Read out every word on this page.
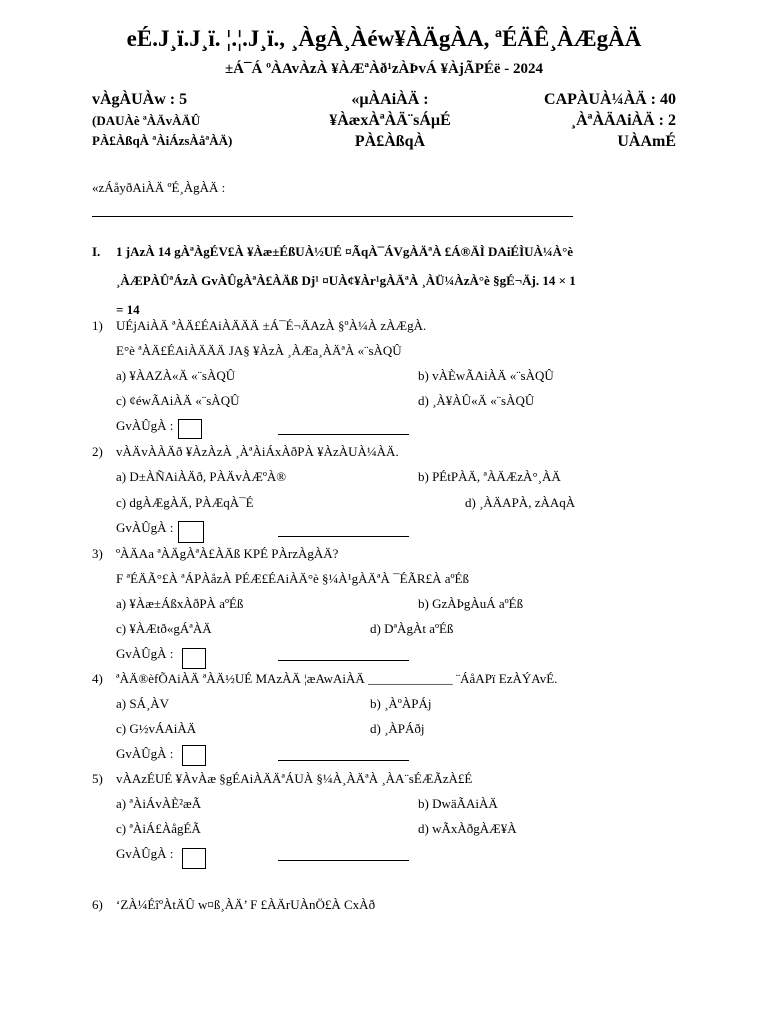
eÉ.J¸ï.J¸ï. ¦.¦.J¸ï., ¸ÀgÀ¸Àéw¥ÀÄgÀA, ªÉÄÊ¸ÀÆgÀÄ
±Á¯Á ºÀAvÀzÀ ¥ÀÆªÀð¹zÀÞvÁ ¥ÀjÃPÉë - 2024
vÀgÀUÀw : 5
(DAUÀè ªÀÄvÀÄÛ
PÀ£ÀßqÀ ªÀiÁzsÀåªÀÄ)
«µÀAiÀÄ :
¥ÀæxÀªÀÄ¨sÁµÉ
PÀ£ÀßqÀ
CAPÀUÀ¼ÀÄ : 40
¸ÀªÀÄAiÀÄ : 2
UÀAmÉ
«zÁåyðAiÀÄ ºÉ¸ÀgÀÄ :
I. 1 jAzÀ 14 gÀªÀgÉV£À ¥Àæ±ÉßUÀ½UÉ ¤ÃqÀ¯ÁVgÀÄªÀ £Á®ÄÌ DAiÉÌUÀ¼À°è
¸ÀÆPÀÛªÁzÀ GvÀÛgÀªÀ£ÀÄß Dj¹ ¤UÀ¢¥Àr¹gÀÄªÀ ¸ÀÜ¼ÀzÀ°è §gÉ¬Äj. 14 × 1
= 14
1) UÉjAiÀÄ ªÀÄ£ÉAiÀÄÄÄ ±Á¯É¬ÄAzÀ §ºÀ¼À zÀÆgÀ.
E°è ªÀÄ£ÉAiÀÄÄÄ JA§ ¥ÀzÀ ¸ÀÆa¸ÀÄªÀ «¨sÀQÛ
a) ¥ÀAZÀ«Ä «¨sÀQÛ	b) vÀÈwÃAiÀÄ «¨sÀQÛ
c) ¢éwÃAiÀÄ «¨sÀQÛ	d) ¸À¥ÀÛ«Ä «¨sÀQÛ
GvÀÛgÀ :
2) vÀÄvÀÀÄð ¥ÀzÀzÀ ¸ÀªÀiÁxÀðPÀ ¥ÀzÀUÀ¼ÀÄ.
a) D±ÀÑAiÀÄð, PÀÄvÀÆºÀ®	b) PÉtPÀÄ, ªÀÄÆzÀ°¸ÀÄ
c) dgÀÆgÀÄ, PÀÆqÀ¯É	d) ¸ÀÄAPÀ, zÀAqÀ
GvÀÛgÀ :
3) ºÀÄAa ªÀÄgÀªÀ£ÀÄß KPÉ PÀrzÀgÀÄ?
F ªÉÄÃ°£À ªÁPÀåzÀ PÉÆ£ÉAiÀÄ°è §¼À¹gÀÄªÀ ¯ÉÃR£À aºÉß
a) ¥Àæ±ÁßxÀðPÀ aºÉß	b) GzÀÞgÀuÁ aºÉß
c) ¥ÀÆtð«gÁªÀÄ	d) DªÀgÀt aºÉß
GvÀÛgÀ :
4) ªÀÄ®èfÕAiÀÄ ªÀÄ½UÉ MAzÀÄ ¦æAwAiÀÄ _____________ ¨ÁåAPï EzÀÝAvÉ.
a) SÁ¸ÀV	b) ¸ÀºÀPÁj
c) G½vÁAiÀÄ	d) ¸ÀPÁðj
GvÀÛgÀ :
5) vÀAzÉUÉ ¥ÀvÀæ §gÉAiÀÄÄªÁUÀ §¼À¸ÀÄªÀ ¸ÀA¨sÉÆÃzÀ£É
a) ªÀiÁvÀÈ²æÃ	b) DwäÃAiÀÄ
c) ªÀiÁ£ÀågÉÃ	d) wÃxÀðgÀÆ¥À
GvÀÛgÀ :
6) ‘ZÀ¼ÉîºÀtÄÛ w¤ß¸ÀÄ’ F £ÀÄrUÀnÖ£À CxÀð
